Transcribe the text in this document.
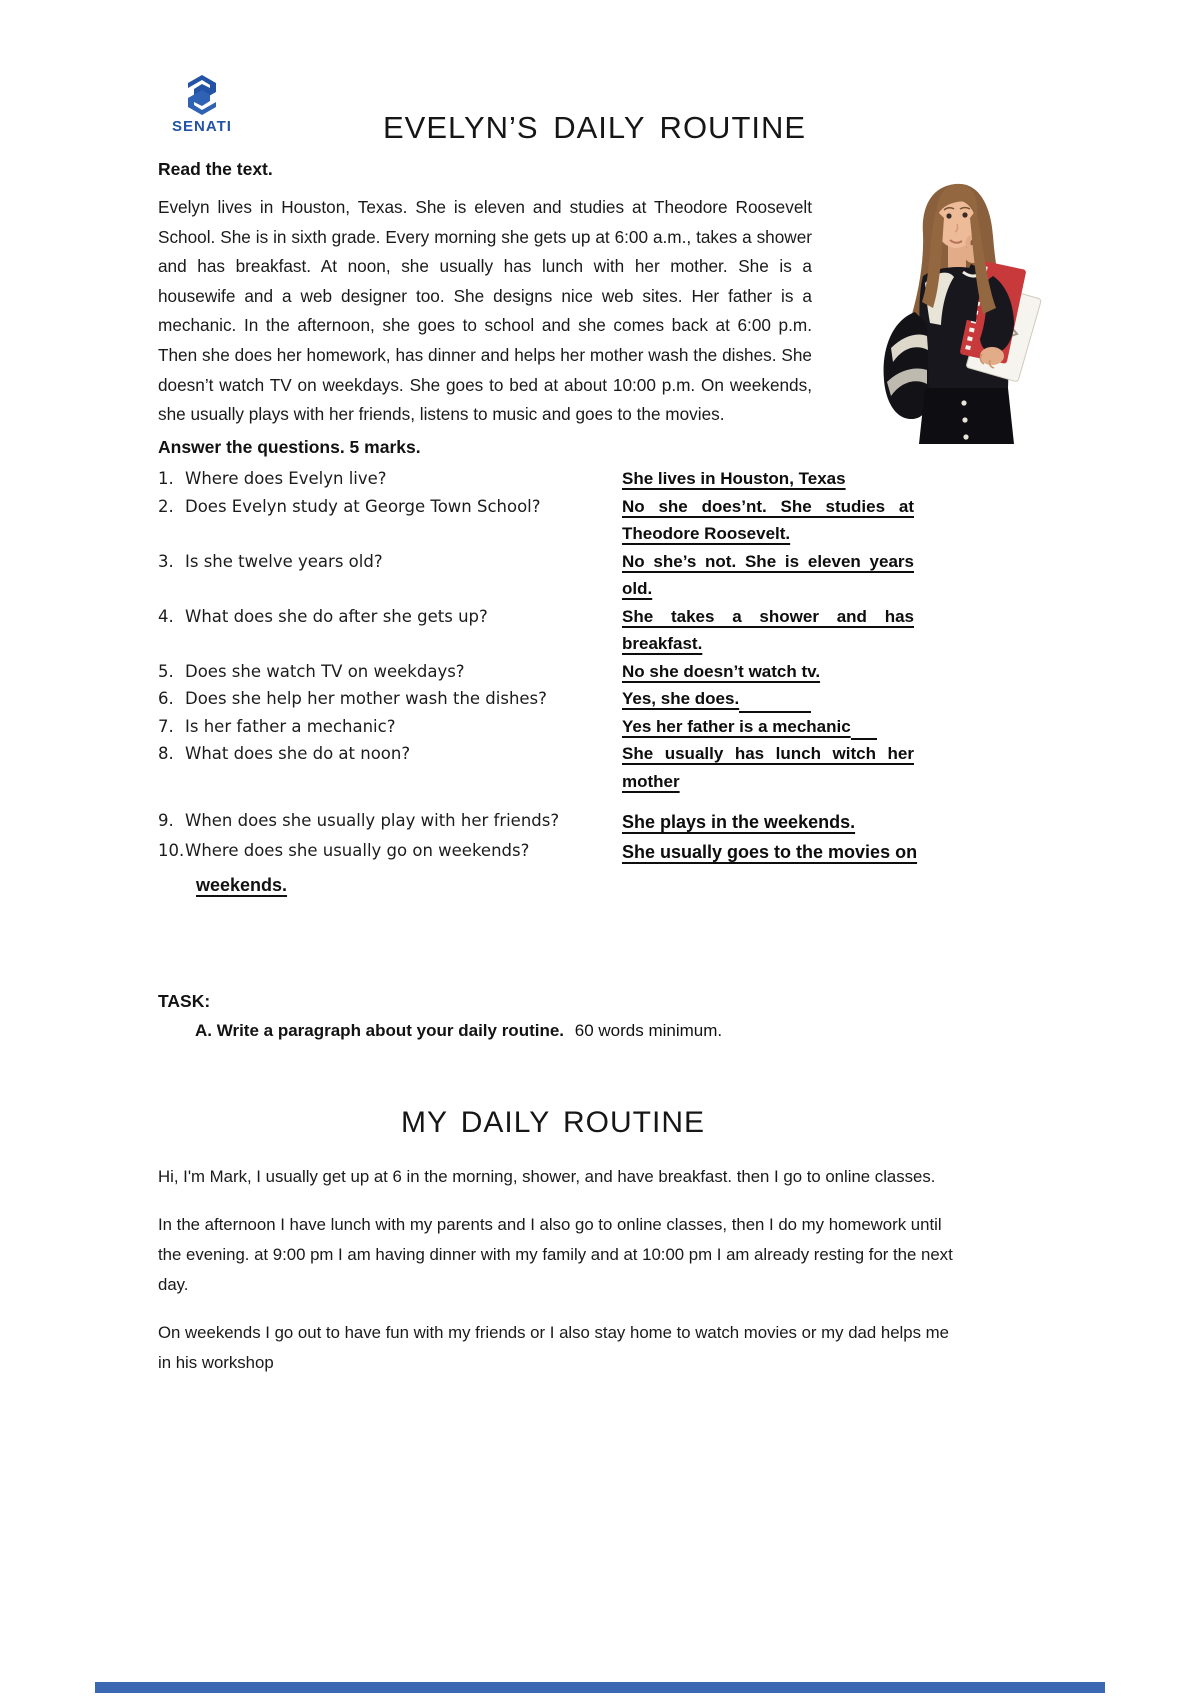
SENATI	EVELYN’S DAILY ROUTINE
Read the text.
Evelyn lives in Houston, Texas. She is eleven and studies at Theodore Roosevelt School. She is in sixth grade. Every morning she gets up at 6:00 a.m., takes a shower and has breakfast. At noon, she usually has lunch with her mother. She is a housewife and a web designer too. She designs nice web sites. Her father is a mechanic. In the afternoon, she goes to school and she comes back at 6:00 p.m. Then she does her homework, has dinner and helps her mother wash the dishes. She doesn’t watch TV on weekdays. She goes to bed at about 10:00 p.m. On weekends, she usually plays with her friends, listens to music and goes to the movies.
Answer the questions. 5 marks.
1. Where does Evelyn live?	She lives in Houston, Texas
2. Does Evelyn study at George Town School?	No she does’nt. She studies at Theodore Roosevelt.
3. Is she twelve years old?	No she’s not. She is eleven years old.
4. What does she do after she gets up?	She takes a shower and has breakfast.
5. Does she watch TV on weekdays?	No she doesn’t watch tv.
6. Does she help her mother wash the dishes?	Yes, she does.
7. Is her father a mechanic?	Yes her father is a mechanic
8. What does she do at noon?	She usually has lunch witch her mother
9. When does she usually play with her friends?	She plays in the weekends.
10. Where does she usually go on weekends?	She usually goes to the movies on
weekends.
TASK:
A. Write a paragraph about your daily routine. 60 words minimum.
MY DAILY ROUTINE

Hi, I'm Mark, I usually get up at 6 in the morning, shower, and have breakfast. then I go to online classes.

In the afternoon I have lunch with my parents and I also go to online classes, then I do my homework until the evening. at 9:00 pm I am having dinner with my family and at 10:00 pm I am already resting for the next day.

On weekends I go out to have fun with my friends or I also stay home to watch movies or my dad helps me in his workshop
